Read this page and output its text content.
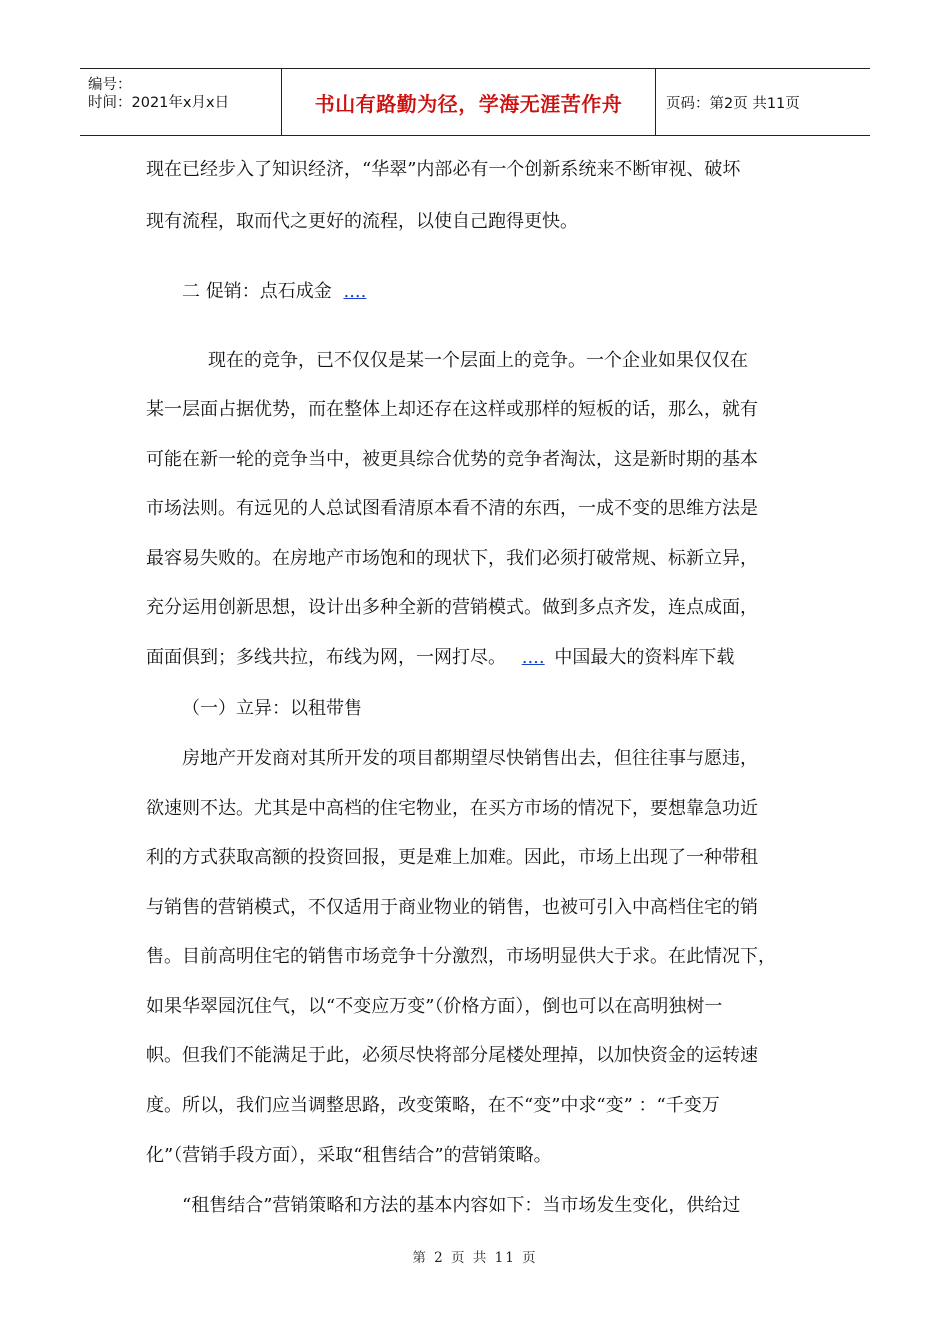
编号：
时间：2021年x月x日	书山有路勤为径，学海无涯苦作舟	页码：第2页 共11页
现在已经步入了知识经济，“华翠”内部必有一个创新系统来不断审视、破坏
现有流程，取而代之更好的流程，以使自己跑得更快。
二 促销：点石成金 ....
现在的竞争，已不仅仅是某一个层面上的竞争。一个企业如果仅仅在
某一层面占据优势，而在整体上却还存在这样或那样的短板的话，那么，就有
可能在新一轮的竞争当中，被更具综合优势的竞争者淘汰，这是新时期的基本
市场法则。有远见的人总试图看清原本看不清的东西，一成不变的思维方法是
最容易失败的。在房地产市场饱和的现状下，我们必须打破常规、标新立异，
充分运用创新思想，设计出多种全新的营销模式。做到多点齐发，连点成面，
面面俱到；多线共拉，布线为网，一网打尽。 .... 中国最大的资料库下载
（一）立异：以租带售
房地产开发商对其所开发的项目都期望尽快销售出去，但往往事与愿违，
欲速则不达。尤其是中高档的住宅物业，在买方市场的情况下，要想靠急功近
利的方式获取高额的投资回报，更是难上加难。因此，市场上出现了一种带租
与销售的营销模式，不仅适用于商业物业的销售，也被可引入中高档住宅的销
售。目前高明住宅的销售市场竞争十分激烈，市场明显供大于求。在此情况下，
如果华翠园沉住气，以“不变应万变”（价格方面），倒也可以在高明独树一
帜。但我们不能满足于此，必须尽快将部分尾楼处理掉，以加快资金的运转速
度。所以，我们应当调整思路，改变策略，在不“变”中求“变” ：“千变万
化”（营销手段方面），采取“租售结合”的营销策略。
“租售结合”营销策略和方法的基本内容如下：当市场发生变化，供给过
第 2 页 共 11 页
